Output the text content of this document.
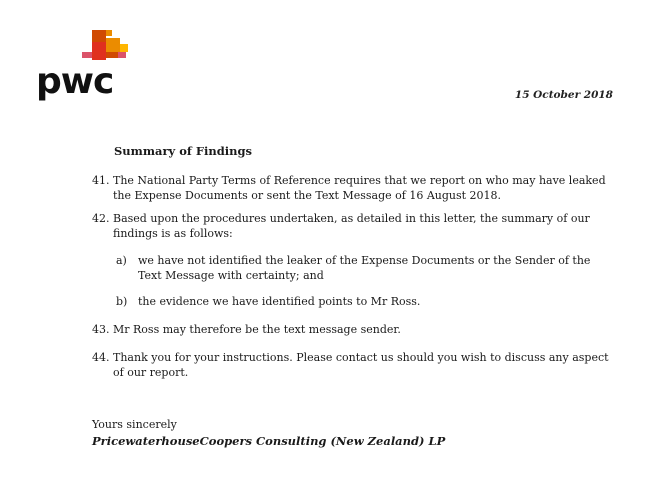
pwc	15 October 2018
Summary of Findings
41. The National Party Terms of Reference requires that we report on who may have leaked the Expense Documents or sent the Text Message of 16 August 2018.
42. Based upon the procedures undertaken, as detailed in this letter, the summary of our findings is as follows:
a)	we have not identified the leaker of the Expense Documents or the Sender of the Text Message with certainty; and
b) the evidence we have identified points to Mr Ross.
43. Mr Ross may therefore be the text message sender.
44. Thank you for your instructions. Please contact us should you wish to discuss any aspect of our report.
Yours sincerely
PricewaterhouseCoopers Consulting (New Zealand) LP
